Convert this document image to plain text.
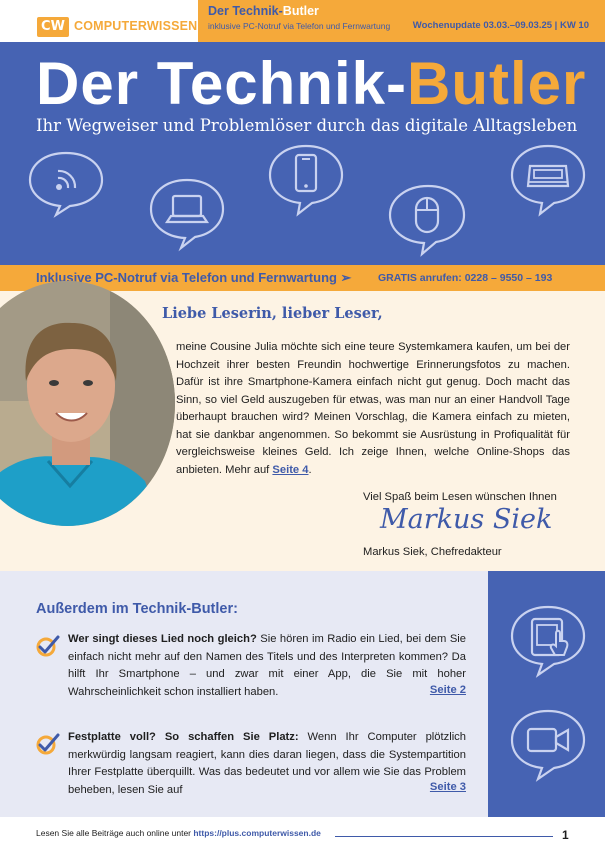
CW COMPUTERWISSEN
Der Technik-Butler
inklusive PC-Notruf via Telefon und Fernwartung Wochenupdate 03.03.–09.03.25 | KW 10
Der Technik-Butler
Ihr Wegweiser und Problemlöser durch das digitale Alltagsleben
Inklusive PC-Notruf via Telefon und Fernwartung ➢	GRATIS anrufen: 0228 – 9550 – 193
Liebe Leserin, lieber Leser,
meine Cousine Julia möchte sich eine teure Systemkamera kaufen, um bei der Hochzeit ihrer besten Freundin hochwertige Erinnerungsfotos zu machen. Dafür ist ihre Smartphone-Kamera einfach nicht gut genug. Doch macht das Sinn, so viel Geld auszugeben für etwas, was man nur an einer Handvoll Tage überhaupt brauchen wird? Meinen Vorschlag, die Kamera einfach zu mieten, hat sie dankbar angenommen. So bekommt sie Ausrüstung in Profiqualität für vergleichsweise kleines Geld. Ich zeige Ihnen, welche Online-Shops das anbieten. Mehr auf Seite 4.
Viel Spaß beim Lesen wünschen Ihnen
Markus Siek
Markus Siek, Chefredakteur
Außerdem im Technik-Butler:
Wer singt dieses Lied noch gleich? Sie hören im Radio ein Lied, bei dem Sie einfach nicht mehr auf den Namen des Titels und des Interpreten kommen? Da hilft Ihr Smartphone – und zwar mit einer App, die Sie mit hoher Wahrscheinlichkeit schon installiert haben.	Seite 2
Festplatte voll? So schaffen Sie Platz: Wenn Ihr Computer plötzlich merkwürdig langsam reagiert, kann dies daran liegen, dass die Systempartition Ihrer Festplatte überquillt. Was das bedeutet und vor allem wie Sie das Problem beheben, lesen Sie auf	Seite 3
Lesen Sie alle Beiträge auch online unter https://plus.computerwissen.de	1
